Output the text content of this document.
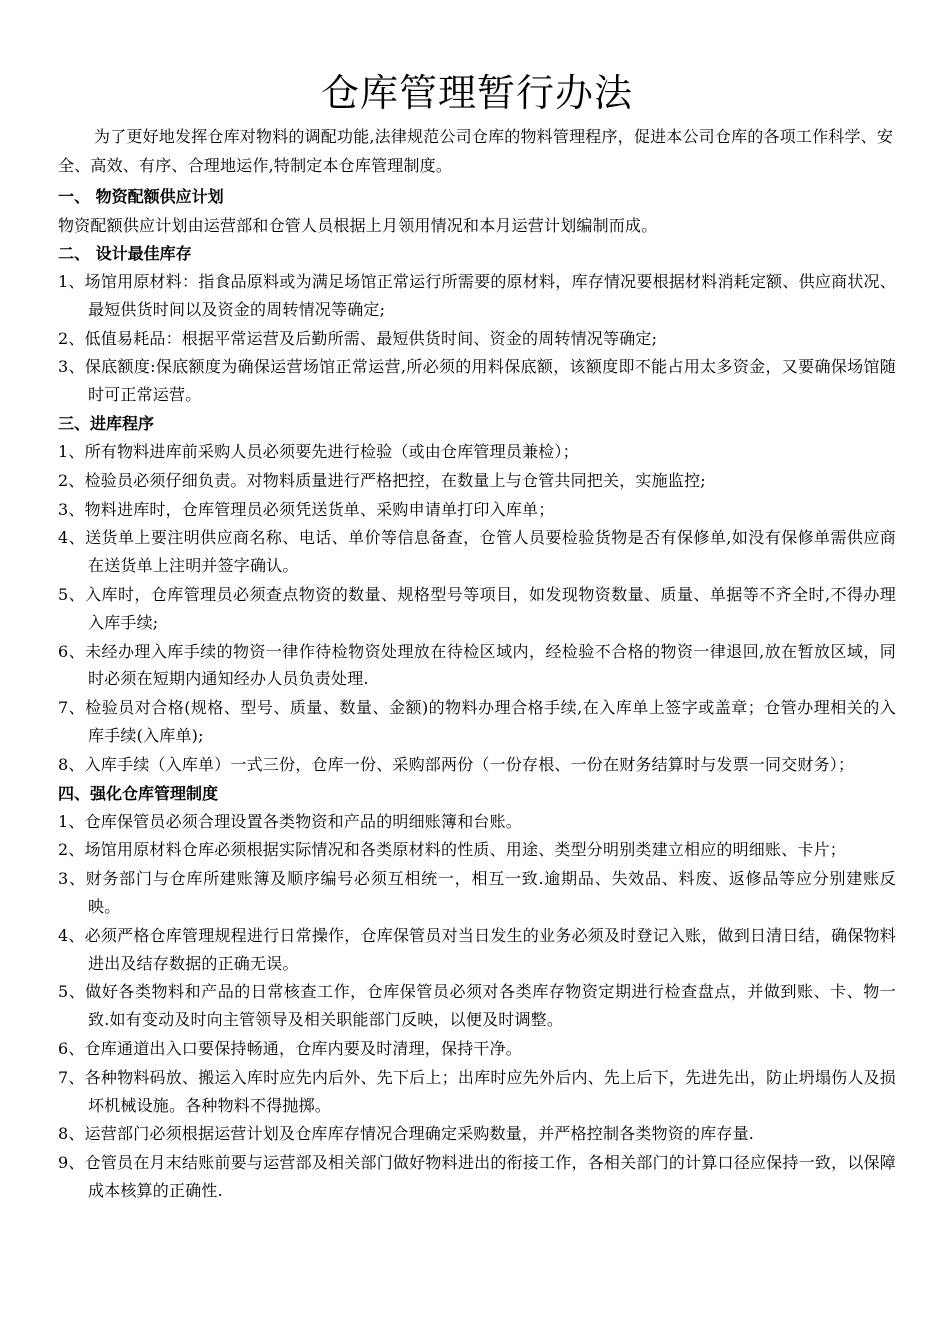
仓库管理暂行办法

为了更好地发挥仓库对物料的调配功能,法律规范公司仓库的物料管理程序，促进本公司仓库的各项工作科学、安全、高效、有序、合理地运作,特制定本仓库管理制度。

一、 物资配额供应计划

物资配额供应计划由运营部和仓管人员根据上月领用情况和本月运营计划编制而成。

二、 设计最佳库存
1、场馆用原材料：指食品原料或为满足场馆正常运行所需要的原材料，库存情况要根据材料消耗定额、供应商状况、最短供货时间以及资金的周转情况等确定;
2、低值易耗品：根据平常运营及后勤所需、最短供货时间、资金的周转情况等确定;
3、保底额度:保底额度为确保运营场馆正常运营,所必须的用料保底额，该额度即不能占用太多资金，又要确保场馆随时可正常运营。
三、进库程序
1、所有物料进库前采购人员必须要先进行检验（或由仓库管理员兼检）；
2、检验员必须仔细负责。对物料质量进行严格把控，在数量上与仓管共同把关，实施监控;
3、物料进库时，仓库管理员必须凭送货单、采购申请单打印入库单；
4、送货单上要注明供应商名称、电话、单价等信息备查，仓管人员要检验货物是否有保修单,如没有保修单需供应商在送货单上注明并签字确认。
5、入库时，仓库管理员必须查点物资的数量、规格型号等项目，如发现物资数量、质量、单据等不齐全时,不得办理入库手续;
6、未经办理入库手续的物资一律作待检物资处理放在待检区域内，经检验不合格的物资一律退回,放在暂放区域，同时必须在短期内通知经办人员负责处理.
7、检验员对合格(规格、型号、质量、数量、金额)的物料办理合格手续,在入库单上签字或盖章；仓管办理相关的入库手续(入库单);
8、入库手续（入库单）一式三份，仓库一份、采购部两份（一份存根、一份在财务结算时与发票一同交财务）；
四、强化仓库管理制度
1、仓库保管员必须合理设置各类物资和产品的明细账簿和台账。
2、场馆用原材料仓库必须根据实际情况和各类原材料的性质、用途、类型分明别类建立相应的明细账、卡片；
3、财务部门与仓库所建账簿及顺序编号必须互相统一，相互一致.逾期品、失效品、料废、返修品等应分别建账反映。
4、必须严格仓库管理规程进行日常操作，仓库保管员对当日发生的业务必须及时登记入账，做到日清日结，确保物料进出及结存数据的正确无误。
5、做好各类物料和产品的日常核查工作，仓库保管员必须对各类库存物资定期进行检查盘点，并做到账、卡、物一致.如有变动及时向主管领导及相关职能部门反映，以便及时调整。
6、仓库通道出入口要保持畅通，仓库内要及时清理，保持干净。
7、各种物料码放、搬运入库时应先内后外、先下后上；出库时应先外后内、先上后下，先进先出，防止坍塌伤人及损坏机械设施。各种物料不得抛掷。
8、运营部门必须根据运营计划及仓库库存情况合理确定采购数量，并严格控制各类物资的库存量.
9、仓管员在月末结账前要与运营部及相关部门做好物料进出的衔接工作，各相关部门的计算口径应保持一致，以保障成本核算的正确性.
